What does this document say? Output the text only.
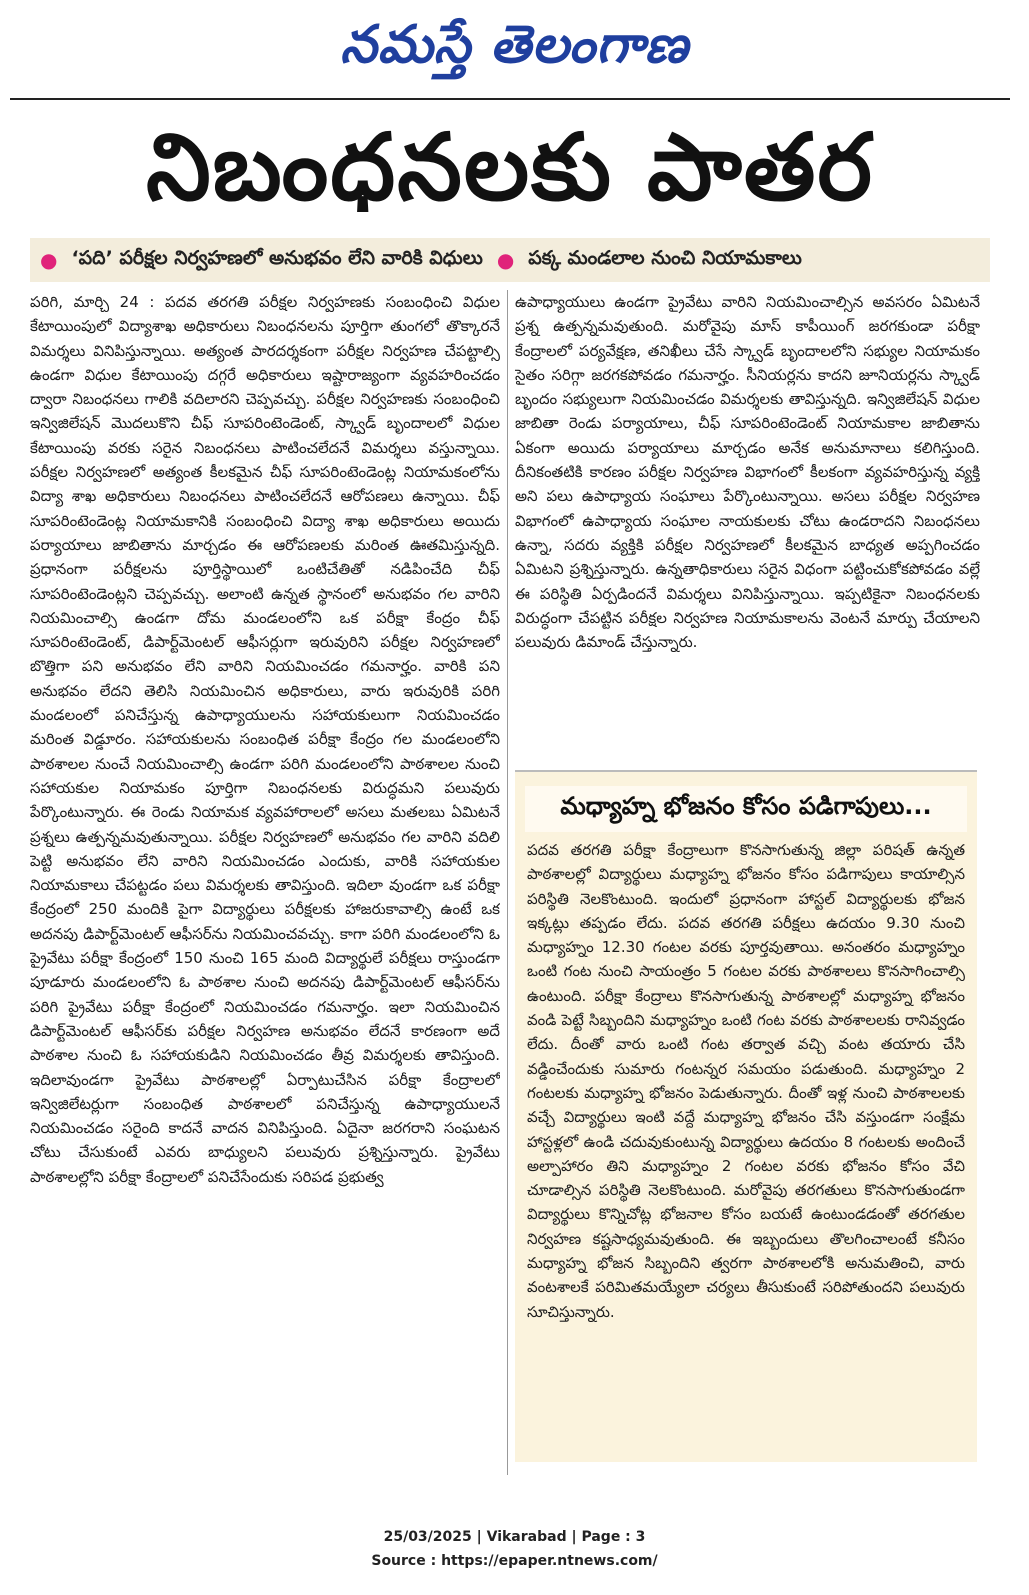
నమస్తే తెలంగాణ
నిబంధనలకు పాతర
● ‘పది’ పరీక్షల నిర్వహణలో అనుభవం లేని వారికి విధులు ● పక్క మండలాల నుంచి నియామకాలు
పరిగి, మార్చి 24 : పదవ తరగతి పరీక్షల నిర్వహణకు సంబంధించి విధుల కేటాయింపులో విద్యాశాఖ అధికారులు నిబంధనలను పూర్తిగా తుంగలో తొక్కారనే విమర్శలు వినిపిస్తున్నాయి. అత్యంత పారదర్శకంగా పరీక్షల నిర్వహణ చేపట్టాల్సి ఉండగా విధుల కేటాయింపు దగ్గరే అధికారులు ఇష్టారాజ్యంగా వ్యవహరించడం ద్వారా నిబంధనలు గాలికి వదిలారని చెప్పవచ్చు. పరీక్షల నిర్వహణకు సంబంధించి ఇన్విజిలేషన్ మొదలుకొని చీఫ్ సూపరింటెండెంట్, స్క్వాడ్ బృందాలలో విధుల కేటాయింపు వరకు సరైన నిబంధనలు పాటించలేదనే విమర్శలు వస్తున్నాయి. పరీక్షల నిర్వహణలో అత్యంత కీలకమైన చీఫ్ సూపరింటెండెంట్ల నియామకంలోను విద్యా శాఖ అధికారులు నిబంధనలు పాటించలేదనే ఆరోపణలు ఉన్నాయి. చీఫ్ సూపరింటెండెంట్ల నియామకానికి సంబంధించి విద్యా శాఖ అధికారులు అయిదు పర్యాయాలు జాబితాను మార్చడం ఈ ఆరోపణలకు మరింత ఊతమిస్తున్నది. ప్రధానంగా పరీక్షలను పూర్తిస్థాయిలో ఒంటిచేతితో నడిపించేది చీఫ్ సూపరింటెండెంట్లని చెప్పవచ్చు. అలాంటి ఉన్నత స్థానంలో అనుభవం గల వారిని నియమించాల్సి ఉండగా దోమ మండలంలోని ఒక పరీక్షా కేంద్రం చీఫ్ సూపరింటెండెంట్, డిపార్ట్‌మెంటల్ ఆఫీసర్లుగా ఇరువురిని పరీక్షల నిర్వహణలో బొత్తిగా పని అనుభవం లేని వారిని నియమించడం గమనార్హం. వారికి పని అనుభవం లేదని తెలిసి నియమించిన అధికారులు, వారు ఇరువురికి పరిగి మండలంలో పనిచేస్తున్న ఉపాధ్యాయులను సహాయకులుగా నియమించడం మరింత విడ్డూరం. సహాయకులను సంబంధిత పరీక్షా కేంద్రం గల మండలంలోని పాఠశాలల నుంచే నియమించాల్సి ఉండగా పరిగి మండలంలోని పాఠశాలల నుంచి సహాయకుల నియామకం పూర్తిగా నిబంధనలకు విరుద్ధమని పలువురు పేర్కొంటున్నారు. ఈ రెండు నియామక వ్యవహారాలలో అసలు మతలబు ఏమిటనే ప్రశ్నలు ఉత్పన్నమవుతున్నాయి. పరీక్షల నిర్వహణలో అనుభవం గల వారిని వదిలి పెట్టి అనుభవం లేని వారిని నియమించడం ఎందుకు, వారికి సహాయకుల నియామకాలు చేపట్టడం పలు విమర్శలకు తావిస్తుంది. ఇదిలా వుండగా ఒక పరీక్షా కేంద్రంలో 250 మందికి పైగా విద్యార్థులు పరీక్షలకు హాజరుకావాల్సి ఉంటే ఒక అదనపు డిపార్ట్‌మెంటల్ ఆఫీసర్‌ను నియమించవచ్చు. కాగా పరిగి మండలంలోని ఓ ప్రైవేటు పరీక్షా కేంద్రంలో 150 నుంచి 165 మంది విద్యార్థులే పరీక్షలు రాస్తుండగా పూడూరు మండలంలోని ఓ పాఠశాల నుంచి అదనపు డిపార్ట్‌మెంటల్ ఆఫీసర్‌ను పరిగి ప్రైవేటు పరీక్షా కేంద్రంలో నియమించడం గమనార్హం. ఇలా నియమించిన డిపార్ట్‌మెంటల్ ఆఫీసర్‌కు పరీక్షల నిర్వహణ అనుభవం లేదనే కారణంగా అదే పాఠశాల నుంచి ఓ సహాయకుడిని నియమించడం తీవ్ర విమర్శలకు తావిస్తుంది. ఇదిలావుండగా ప్రైవేటు పాఠశాలల్లో ఏర్పాటుచేసిన పరీక్షా కేంద్రాలలో ఇన్విజిలేటర్లుగా సంబంధిత పాఠశాలలో పనిచేస్తున్న ఉపాధ్యాయులనే నియమించడం సరైంది కాదనే వాదన వినిపిస్తుంది. ఏదైనా జరగరాని సంఘటన చోటు చేసుకుంటే ఎవరు బాధ్యులని పలువురు ప్రశ్నిస్తున్నారు. ప్రైవేటు పాఠశాలల్లోని పరీక్షా కేంద్రాలలో పనిచేసేందుకు సరిపడ ప్రభుత్వ
ఉపాధ్యాయులు ఉండగా ప్రైవేటు వారిని నియమించాల్సిన అవసరం ఏమిటనే ప్రశ్న ఉత్పన్నమవుతుంది. మరోవైపు మాస్ కాపీయింగ్ జరగకుండా పరీక్షా కేంద్రాలలో పర్యవేక్షణ, తనిఖీలు చేసే స్క్వాడ్ బృందాలలోని సభ్యుల నియామకం సైతం సరిగ్గా జరగకపోవడం గమనార్హం. సీనియర్లను కాదని జూనియర్లను స్క్వాడ్ బృందం సభ్యులుగా నియమించడం విమర్శలకు తావిస్తున్నది. ఇన్విజిలేషన్ విధుల జాబితా రెండు పర్యాయాలు, చీఫ్ సూపరింటెండెంట్ నియామకాల జాబితాను ఏకంగా అయిదు పర్యాయాలు మార్చడం అనేక అనుమానాలు కలిగిస్తుంది. దీనికంతటికి కారణం పరీక్షల నిర్వహణ విభాగంలో కీలకంగా వ్యవహరిస్తున్న వ్యక్తి అని పలు ఉపాధ్యాయ సంఘాలు పేర్కొంటున్నాయి. అసలు పరీక్షల నిర్వహణ విభాగంలో ఉపాధ్యాయ సంఘాల నాయకులకు చోటు ఉండరాదని నిబంధనలు ఉన్నా, సదరు వ్యక్తికి పరీక్షల నిర్వహణలో కీలకమైన బాధ్యత అప్పగించడం ఏమిటని ప్రశ్నిస్తున్నారు. ఉన్నతాధికారులు సరైన విధంగా పట్టించుకోకపోవడం వల్లే ఈ పరిస్థితి ఏర్పడిందనే విమర్శలు వినిపిస్తున్నాయి. ఇప్పటికైనా నిబంధనలకు విరుద్ధంగా చేపట్టిన పరీక్షల నిర్వహణ నియామకాలను వెంటనే మార్పు చేయాలని పలువురు డిమాండ్ చేస్తున్నారు.
మధ్యాహ్న భోజనం కోసం పడిగాపులు...
పదవ తరగతి పరీక్షా కేంద్రాలుగా కొనసాగుతున్న జిల్లా పరిషత్ ఉన్నత పాఠశాలల్లో విద్యార్థులు మధ్యాహ్న భోజనం కోసం పడిగాపులు కాయాల్సిన పరిస్థితి నెలకొంటుంది. ఇందులో ప్రధానంగా హాస్టల్ విద్యార్థులకు భోజన ఇక్కట్లు తప్పడం లేదు. పదవ తరగతి పరీక్షలు ఉదయం 9.30 నుంచి మధ్యాహ్నం 12.30 గంటల వరకు పూర్తవుతాయి. అనంతరం మధ్యాహ్నం ఒంటి గంట నుంచి సాయంత్రం 5 గంటల వరకు పాఠశాలలు కొనసాగించాల్సి ఉంటుంది. పరీక్షా కేంద్రాలు కొనసాగుతున్న పాఠశాలల్లో మధ్యాహ్న భోజనం వండి పెట్టే సిబ్బందిని మధ్యాహ్నం ఒంటి గంట వరకు పాఠశాలలకు రానివ్వడం లేదు. దీంతో వారు ఒంటి గంట తర్వాత వచ్చి వంట తయారు చేసి వడ్డించేందుకు సుమారు గంటన్నర సమయం పడుతుంది. మధ్యాహ్నం 2 గంటలకు మధ్యాహ్న భోజనం పెడుతున్నారు. దీంతో ఇళ్ల నుంచి పాఠశాలలకు వచ్చే విద్యార్థులు ఇంటి వద్దే మధ్యాహ్న భోజనం చేసి వస్తుండగా సంక్షేమ హాస్టళ్లలో ఉండి చదువుకుంటున్న విద్యార్థులు ఉదయం 8 గంటలకు అందించే అల్పాహారం తిని మధ్యాహ్నం 2 గంటల వరకు భోజనం కోసం వేచి చూడాల్సిన పరిస్థితి నెలకొంటుంది. మరోవైపు తరగతులు కొనసాగుతుండగా విద్యార్థులు కొన్నిచోట్ల భోజనాల కోసం బయటే ఉంటుండడంతో తరగతుల నిర్వహణ కష్టసాధ్యమవుతుంది. ఈ ఇబ్బందులు తొలగించాలంటే కనీసం మధ్యాహ్న భోజన సిబ్బందిని త్వరగా పాఠశాలలోకి అనుమతించి, వారు వంటశాలకే పరిమితమయ్యేలా చర్యలు తీసుకుంటే సరిపోతుందని పలువురు సూచిస్తున్నారు.
25/03/2025 | Vikarabad | Page : 3
Source : https://epaper.ntnews.com/
